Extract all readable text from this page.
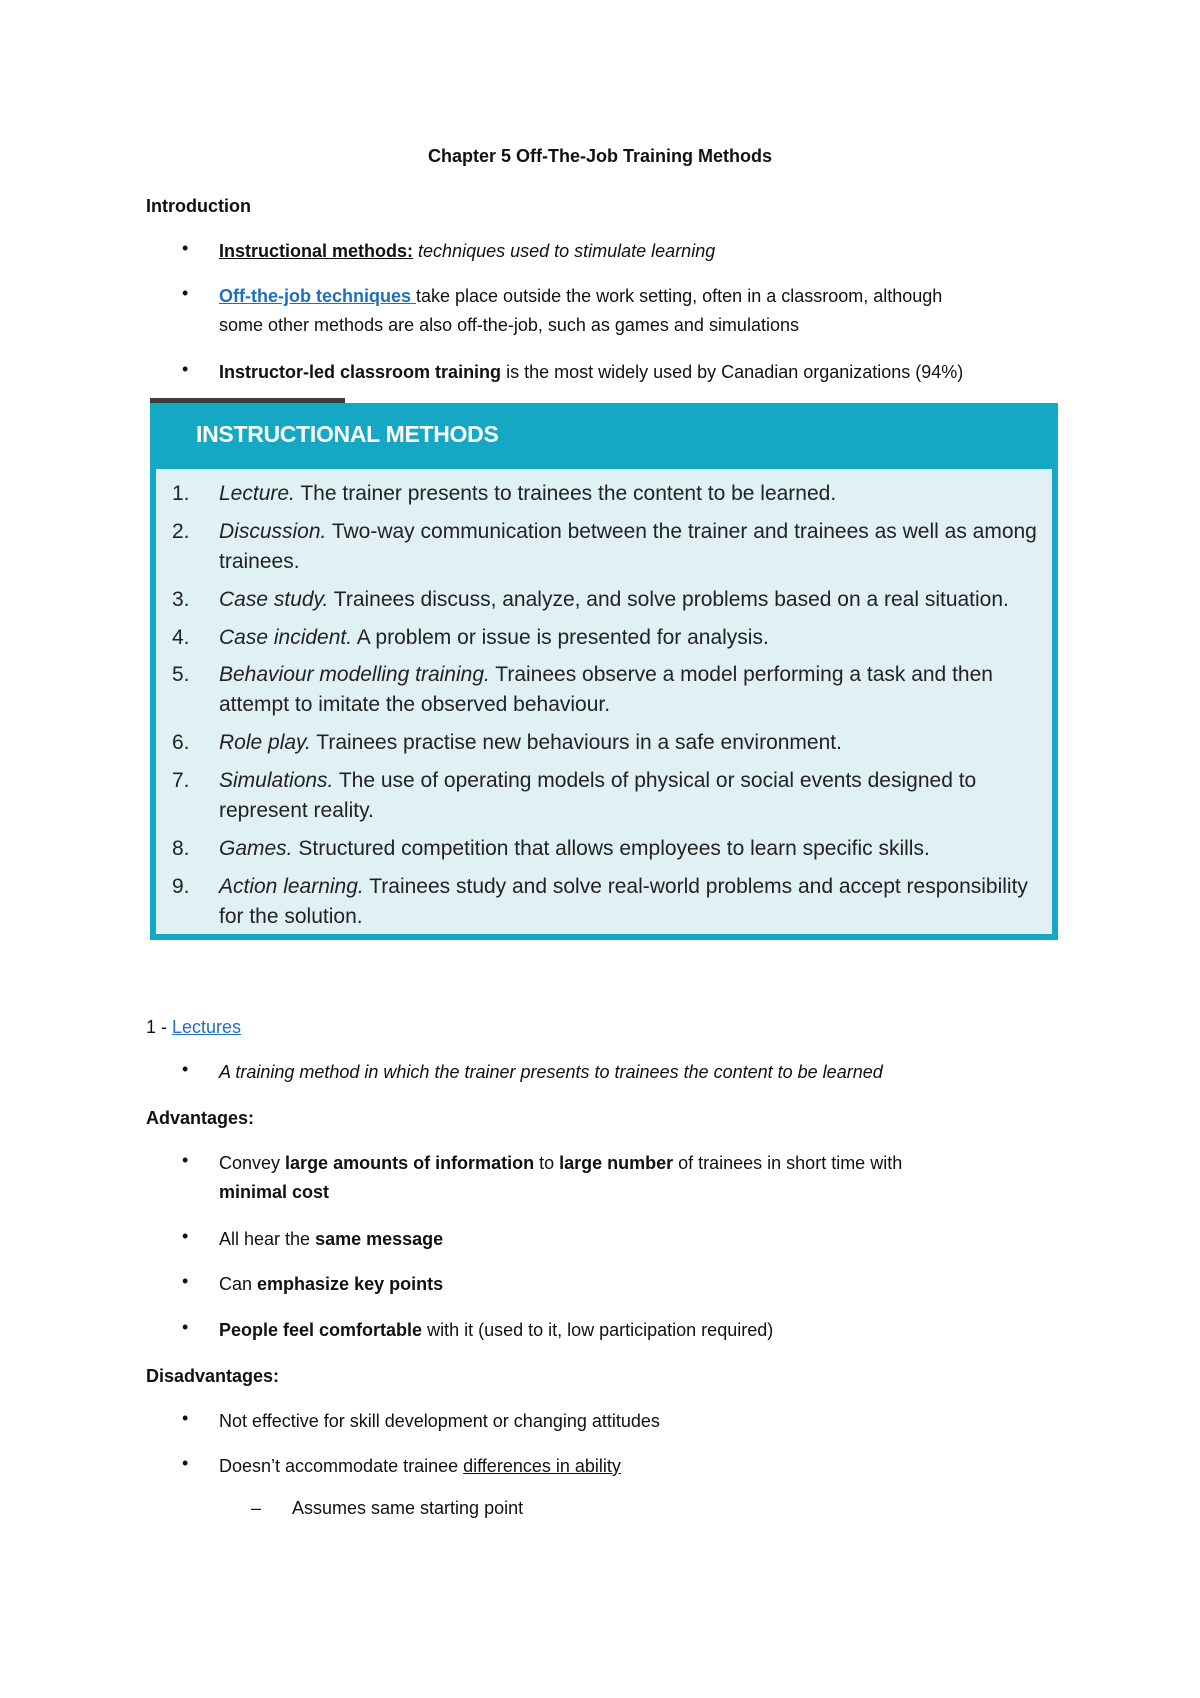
Chapter 5 Off-The-Job Training Methods
Introduction
• Instructional methods: techniques used to stimulate learning
• Off-the-job techniques take place outside the work setting, often in a classroom, although
some other methods are also off-the-job, such as games and simulations
• Instructor-led classroom training is the most widely used by Canadian organizations (94%)
INSTRUCTIONAL METHODS
1.	Lecture. The trainer presents to trainees the content to be learned.
2.	Discussion. Two-way communication between the trainer and trainees as well as among
trainees.
3.	Case study. Trainees discuss, analyze, and solve problems based on a real situation.
4.	Case incident. A problem or issue is presented for analysis.
5.	Behaviour modelling training. Trainees observe a model performing a task and then
attempt to imitate the observed behaviour.
6.	Role play. Trainees practise new behaviours in a safe environment.
7.	Simulations. The use of operating models of physical or social events designed to
represent reality.
8.	Games. Structured competition that allows employees to learn specific skills.
9.	Action learning. Trainees study and solve real-world problems and accept responsibility
for the solution.
1 - Lectures
• A training method in which the trainer presents to trainees the content to be learned
Advantages:
• Convey large amounts of information to large number of trainees in short time with
minimal cost
• All hear the same message
• Can emphasize key points
• People feel comfortable with it (used to it, low participation required)
Disadvantages:
• Not effective for skill development or changing attitudes
• Doesn’t accommodate trainee differences in ability
– Assumes same starting point
